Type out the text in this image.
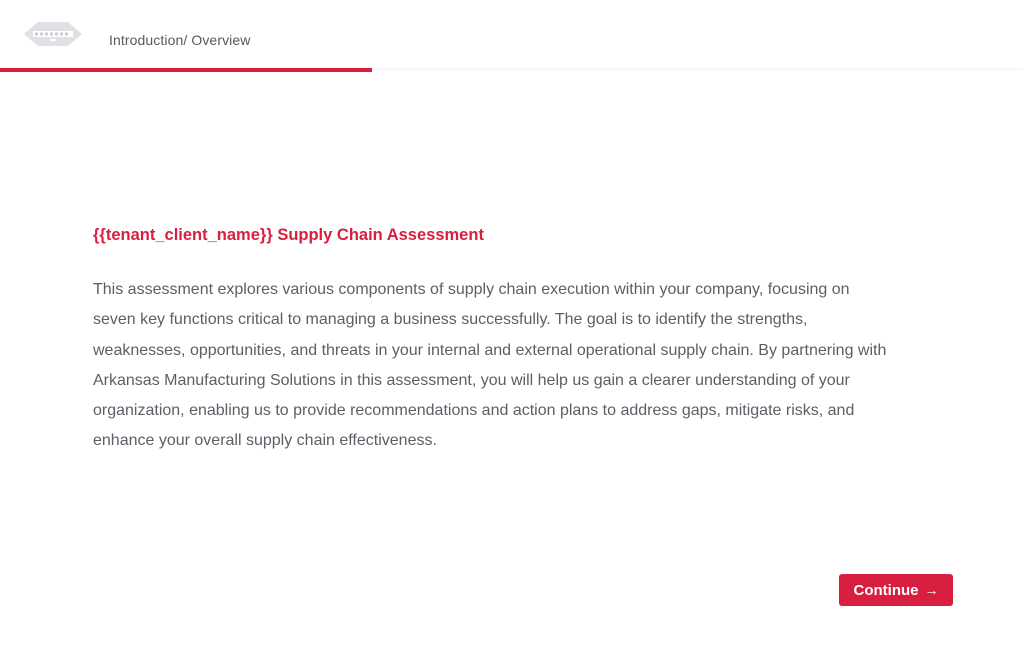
Introduction/ Overview
{{tenant_client_name}} Supply Chain Assessment

This assessment explores various components of supply chain execution within your company, focusing on seven key functions critical to managing a business successfully. The goal is to identify the strengths, weaknesses, opportunities, and threats in your internal and external operational supply chain. By partnering with Arkansas Manufacturing Solutions in this assessment, you will help us gain a clearer understanding of your organization, enabling us to provide recommendations and action plans to address gaps, mitigate risks, and enhance your overall supply chain effectiveness.

Continue →
